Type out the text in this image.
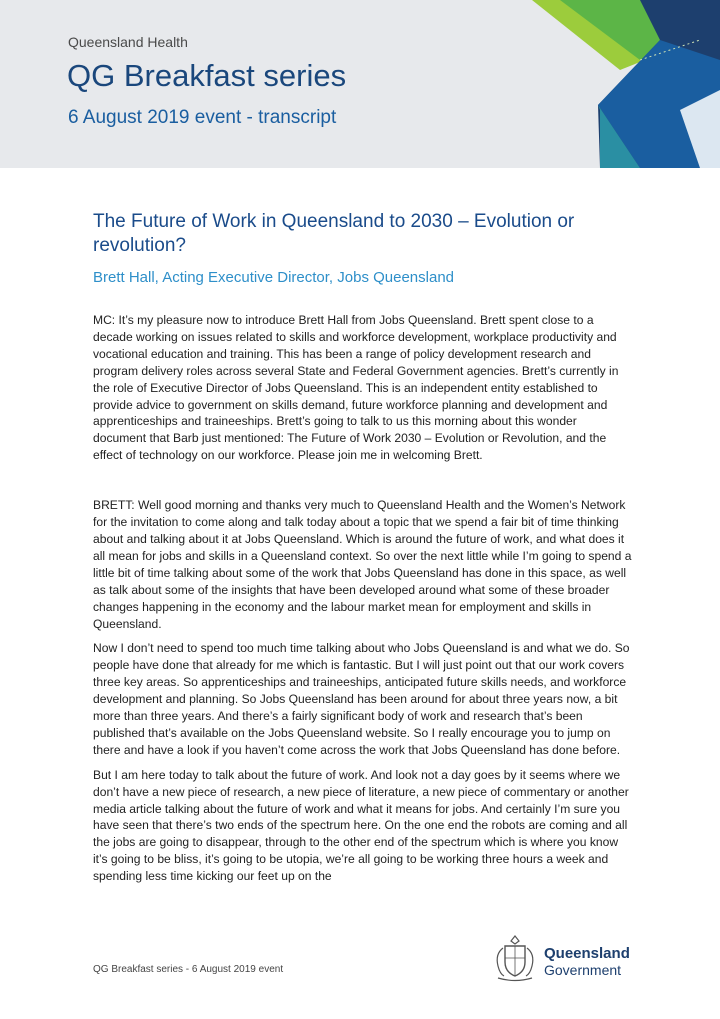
Queensland Health
QG Breakfast series
6 August 2019 event - transcript
The Future of Work in Queensland to 2030 – Evolution or revolution?
Brett Hall, Acting Executive Director, Jobs Queensland

MC: It’s my pleasure now to introduce Brett Hall from Jobs Queensland. Brett spent close to a decade working on issues related to skills and workforce development, workplace productivity and vocational education and training. This has been a range of policy development research and program delivery roles across several State and Federal Government agencies. Brett’s currently in the role of Executive Director of Jobs Queensland. This is an independent entity established to provide advice to government on skills demand, future workforce planning and development and apprenticeships and traineeships. Brett’s going to talk to us this morning about this wonder document that Barb just mentioned: The Future of Work 2030 – Evolution or Revolution, and the effect of technology on our workforce. Please join me in welcoming Brett.

BRETT: Well good morning and thanks very much to Queensland Health and the Women’s Network for the invitation to come along and talk today about a topic that we spend a fair bit of time thinking about and talking about it at Jobs Queensland. Which is around the future of work, and what does it all mean for jobs and skills in a Queensland context. So over the next little while I’m going to spend a little bit of time talking about some of the work that Jobs Queensland has done in this space, as well as talk about some of the insights that have been developed around what some of these broader changes happening in the economy and the labour market mean for employment and skills in Queensland.

Now I don’t need to spend too much time talking about who Jobs Queensland is and what we do. So people have done that already for me which is fantastic. But I will just point out that our work covers three key areas. So apprenticeships and traineeships, anticipated future skills needs, and workforce development and planning. So Jobs Queensland has been around for about three years now, a bit more than three years. And there’s a fairly significant body of work and research that’s been published that’s available on the Jobs Queensland website. So I really encourage you to jump on there and have a look if you haven’t come across the work that Jobs Queensland has done before.

But I am here today to talk about the future of work. And look not a day goes by it seems where we don’t have a new piece of research, a new piece of literature, a new piece of commentary or another media article talking about the future of work and what it means for jobs. And certainly I’m sure you have seen that there’s two ends of the spectrum here. On the one end the robots are coming and all the jobs are going to disappear, through to the other end of the spectrum which is where you know it’s going to be bliss, it’s going to be utopia, we’re all going to be working three hours a week and spending less time kicking our feet up on the

QG Breakfast series - 6 August 2019 event
Queensland
Government
